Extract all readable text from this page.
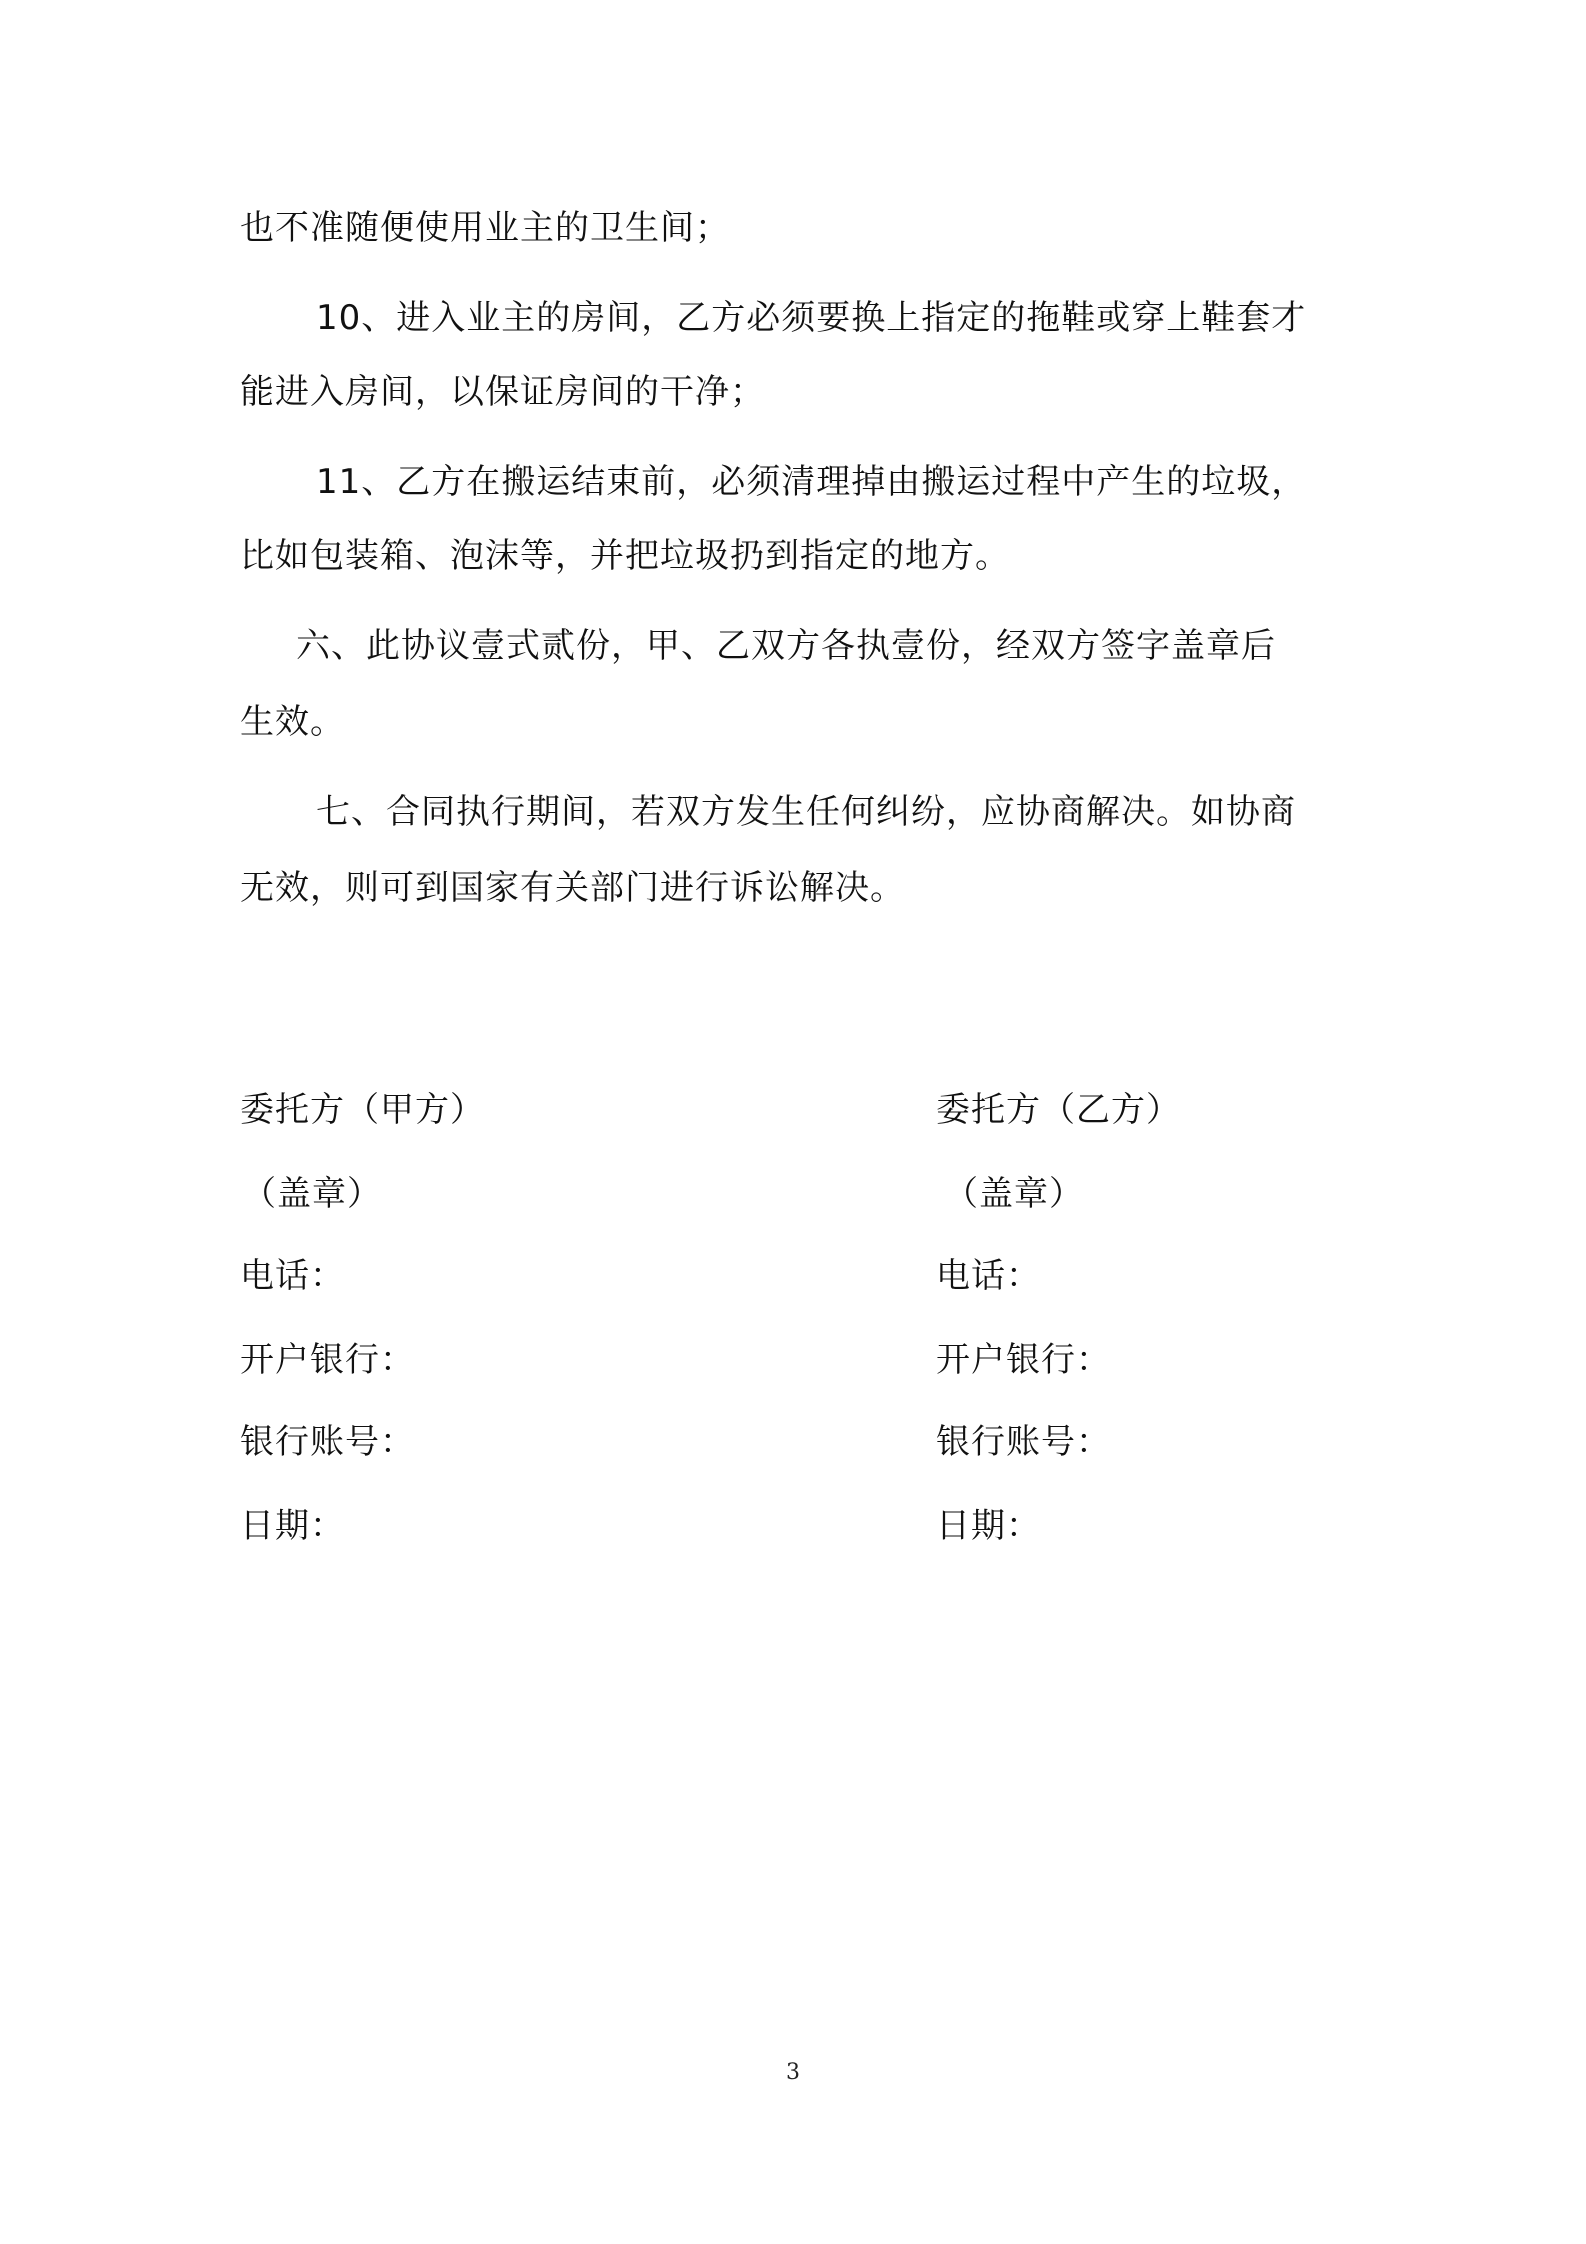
也不准随便使用业主的卫生间；
10、进入业主的房间，乙方必须要换上指定的拖鞋或穿上鞋套才
能进入房间，以保证房间的干净；
11、乙方在搬运结束前，必须清理掉由搬运过程中产生的垃圾，
比如包装箱、泡沫等，并把垃圾扔到指定的地方。
六、此协议壹式贰份，甲、乙双方各执壹份，经双方签字盖章后
生效。
七、合同执行期间，若双方发生任何纠纷，应协商解决。如协商
无效，则可到国家有关部门进行诉讼解决。
委托方（甲方）
（盖章）
电话：
开户银行：
银行账号：
日期：
委托方（乙方）
（盖章）
电话：
开户银行：
银行账号：
日期：
3
